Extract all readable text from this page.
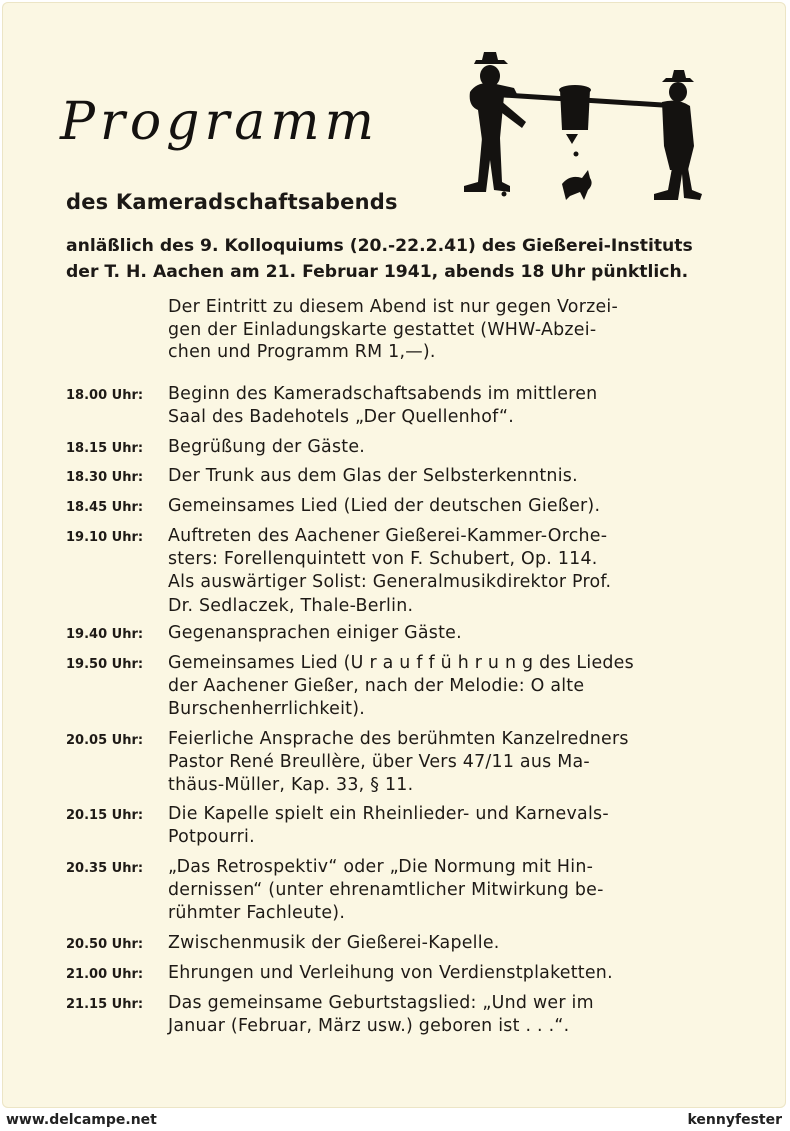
Programm
des Kameradschaftsabends
anläßlich des 9. Kolloquiums (20.-22.2.41) des Gießerei-Instituts
der T. H. Aachen am 21. Februar 1941, abends 18 Uhr pünktlich.
Der Eintritt zu diesem Abend ist nur gegen Vorzei-
gen der Einladungskarte gestattet (WHW-Abzei-
chen und Programm RM 1,—).
18.00 Uhr: Beginn des Kameradschaftsabends im mittleren
Saal des Badehotels „Der Quellenhof“.
18.15 Uhr: Begrüßung der Gäste.
18.30 Uhr: Der Trunk aus dem Glas der Selbsterkenntnis.
18.45 Uhr: Gemeinsames Lied (Lied der deutschen Gießer).
19.10 Uhr: Auftreten des Aachener Gießerei-Kammer-Orche-
sters: Forellenquintett von F. Schubert, Op. 114.
Als auswärtiger Solist: Generalmusikdirektor Prof.
Dr. Sedlaczek, Thale-Berlin.
19.40 Uhr: Gegenansprachen einiger Gäste.
19.50 Uhr: Gemeinsames Lied (U r a u f f ü h r u n g des Liedes
der Aachener Gießer, nach der Melodie: O alte
Burschenherrlichkeit).
20.05 Uhr: Feierliche Ansprache des berühmten Kanzelredners
Pastor René Breullère, über Vers 47/11 aus Ma-
thäus-Müller, Kap. 33, § 11.
20.15 Uhr: Die Kapelle spielt ein Rheinlieder- und Karnevals-
Potpourri.
20.35 Uhr: „Das Retrospektiv“ oder „Die Normung mit Hin-
dernissen“ (unter ehrenamtlicher Mitwirkung be-
rühmter Fachleute).
20.50 Uhr: Zwischenmusik der Gießerei-Kapelle.
21.00 Uhr: Ehrungen und Verleihung von Verdienstplaketten.
21.15 Uhr: Das gemeinsame Geburtstagslied: „Und wer im
Januar (Februar, März usw.) geboren ist . . .“.
www.delcampe.net	kennyfester
